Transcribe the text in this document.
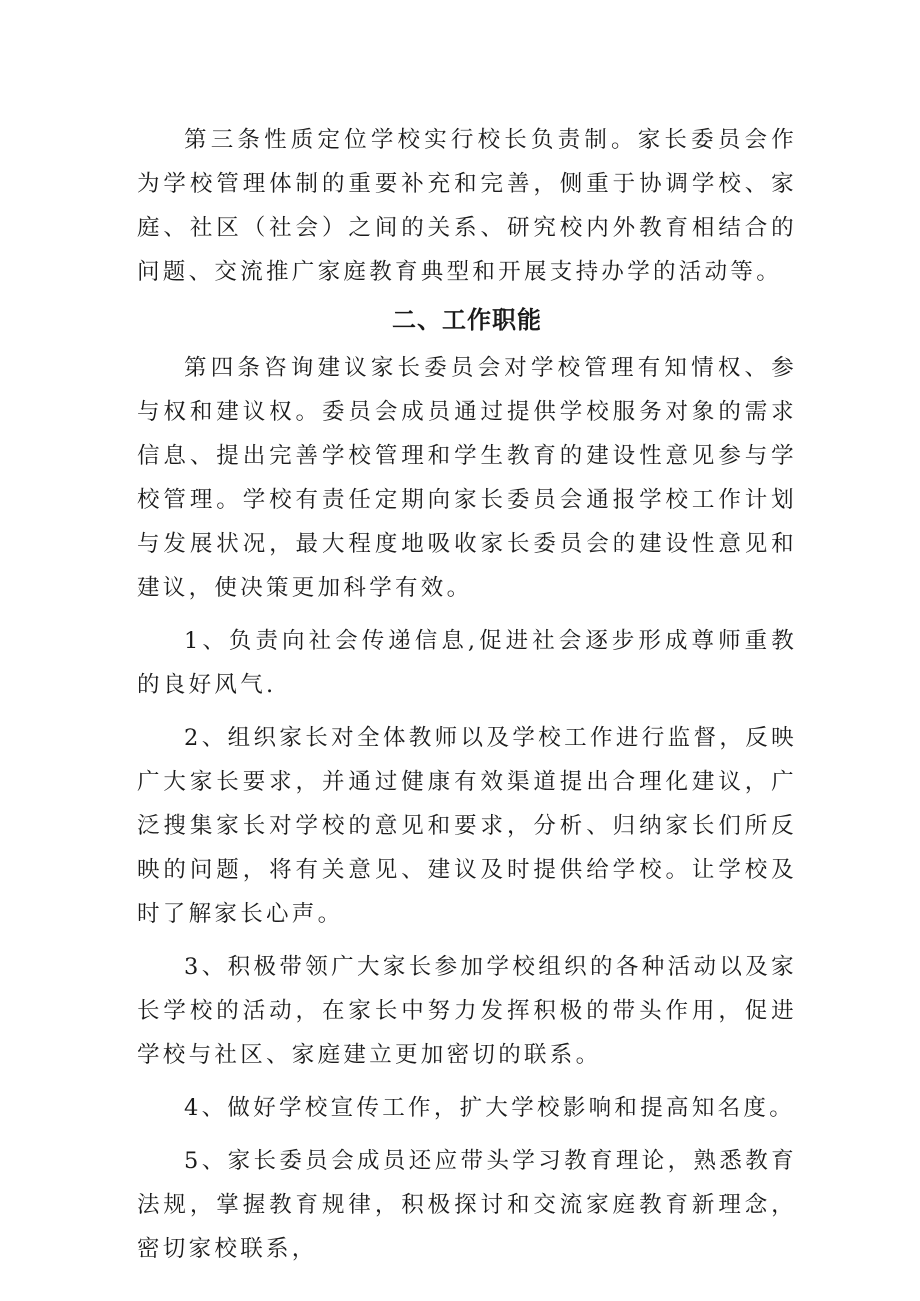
第三条性质定位学校实行校长负责制。家长委员会作为学校管理体制的重要补充和完善，侧重于协调学校、家庭、社区（社会）之间的关系、研究校内外教育相结合的问题、交流推广家庭教育典型和开展支持办学的活动等。

二、工作职能

第四条咨询建议家长委员会对学校管理有知情权、参与权和建议权。委员会成员通过提供学校服务对象的需求信息、提出完善学校管理和学生教育的建设性意见参与学校管理。学校有责任定期向家长委员会通报学校工作计划与发展状况，最大程度地吸收家长委员会的建设性意见和建议，使决策更加科学有效。

1、负责向社会传递信息,促进社会逐步形成尊师重教的良好风气.

2、组织家长对全体教师以及学校工作进行监督，反映广大家长要求，并通过健康有效渠道提出合理化建议，广泛搜集家长对学校的意见和要求，分析、归纳家长们所反映的问题，将有关意见、建议及时提供给学校。让学校及时了解家长心声。

3、积极带领广大家长参加学校组织的各种活动以及家长学校的活动，在家长中努力发挥积极的带头作用，促进学校与社区、家庭建立更加密切的联系。

4、做好学校宣传工作，扩大学校影响和提高知名度。

5、家长委员会成员还应带头学习教育理论，熟悉教育法规，掌握教育规律，积极探讨和交流家庭教育新理念，密切家校联系，
